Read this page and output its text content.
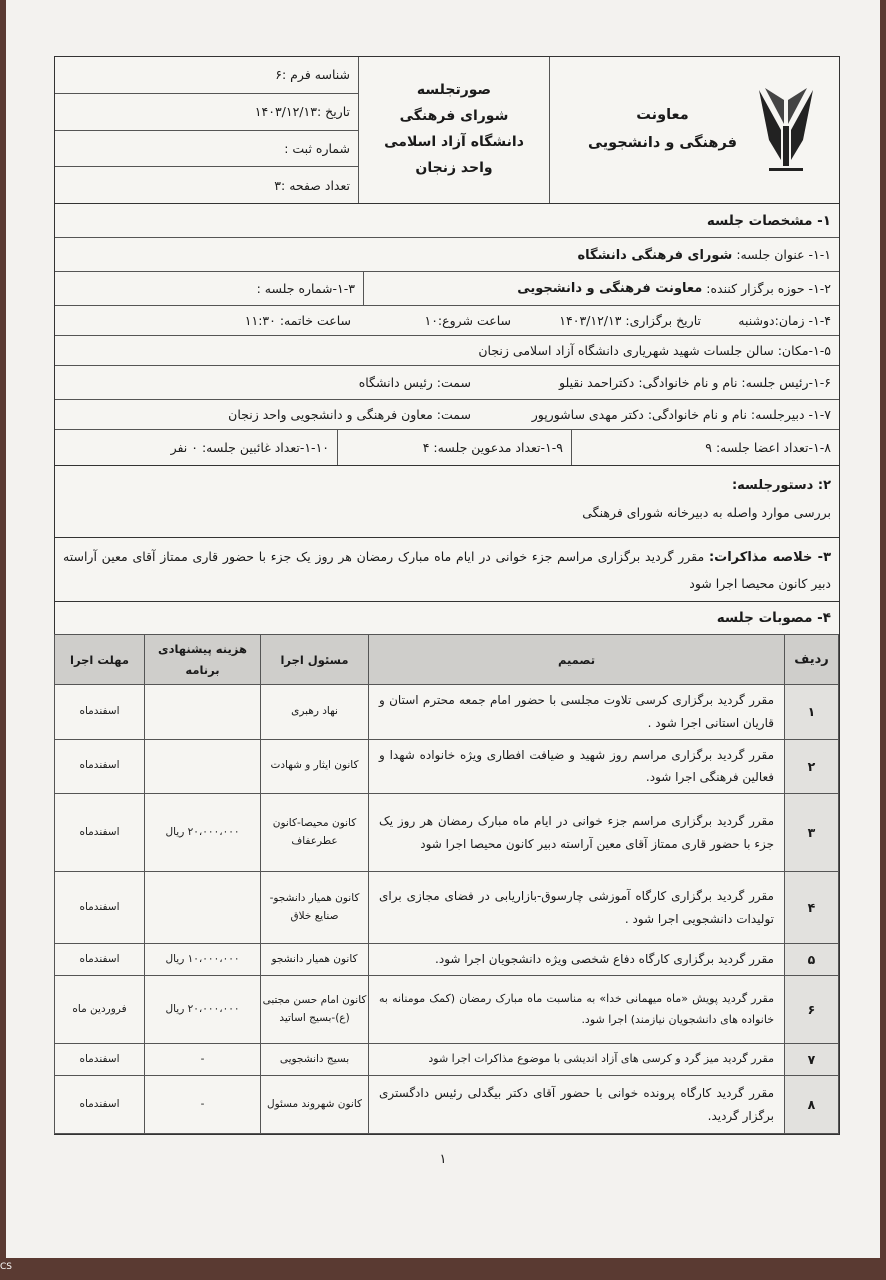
معاونت
فرهنگی و دانشجویی
صورتجلسه
شورای فرهنگی
دانشگاه آزاد اسلامی
واحد زنجان
شناسه فرم :۶
تاریخ :۱۴۰۳/۱۲/۱۳
شماره ثبت :
تعداد صفحه :۳
۱- مشخصات جلسه
۱-۱- عنوان جلسه: شورای فرهنگی دانشگاه
۱-۲- حوزه برگزار کننده:

معاونت فرهنگی و دانشجویی
۱-۳-شماره جلسه :
۱-۴- زمان:دوشنبه
تاریخ برگزاری: ۱۴۰۳/۱۲/۱۳
ساعت شروع:۱۰
ساعت خاتمه: ۱۱:۳۰
۱-۵-مکان: سالن جلسات شهید شهریاری دانشگاه آزاد اسلامی زنجان
۱-۶-رئیس جلسه: نام و نام خانوادگی: دکتراحمد نقیلو
سمت: رئیس دانشگاه
۱-۷- دبیرجلسه: نام و نام خانوادگی: دکتر مهدی ساشورپور
سمت: معاون فرهنگی و دانشجویی واحد زنجان
۱-۸-تعداد اعضا جلسه: ۹
۱-۹-تعداد مدعوین جلسه: ۴
۱-۱۰-تعداد غائبین جلسه: ۰ نفر
۲: دستورجلسه:
بررسی موارد واصله به دبیرخانه شورای فرهنگی
۳- خلاصه مذاکرات: مقرر گردید برگزاری مراسم جزء خوانی در ایام ماه مبارک رمضان هر روز یک جزء با حضور قاری ممتاز آقای معین آراسته دبیر کانون محیصا اجرا شود
۴- مصوبات جلسه
ردیف	تصمیم	مسئول اجرا	هزینه پیشنهادی برنامه	مهلت اجرا
۱	مقرر گردید برگزاری کرسی تلاوت مجلسی با حضور امام جمعه محترم استان و قاریان استانی اجرا شود .	نهاد رهبری		اسفندماه
۲	مقرر گردید برگزاری مراسم روز شهید و ضیافت افطاری ویژه خانواده شهدا و فعالین فرهنگی اجرا شود.	کانون ایثار و شهادت		اسفندماه
۳	مقرر گردید برگزاری مراسم جزء خوانی در ایام ماه مبارک رمضان هر روز یک جزء با حضور قاری ممتاز آقای معین آراسته دبیر کانون محیصا اجرا شود	کانون محیصا-کانون عطرعفاف	۲۰،۰۰۰،۰۰۰ ریال	اسفندماه
۴	مقرر گردید برگزاری کارگاه آموزشی چارسوق-بازاریابی در فضای مجازی برای تولیدات دانشجویی اجرا شود .	کانون همیار دانشجو- صنایع خلاق		اسفندماه
۵	مقرر گردید برگزاری کارگاه دفاع شخصی ویژه دانشجویان اجرا شود.	کانون همیار دانشجو	۱۰،۰۰۰،۰۰۰ ریال	اسفندماه
۶	مقرر گردید پویش «ماه میهمانی خدا» به مناسبت ماه مبارک رمضان (کمک مومنانه به خانواده های دانشجویان نیازمند) اجرا شود.	کانون امام حسن مجتبی (ع)-بسیج اساتید	۲۰،۰۰۰،۰۰۰ ریال	فروردین ماه
۷	مقرر گردید میز گرد و کرسی های آزاد اندیشی با موضوع مذاکرات اجرا شود	بسیج دانشجویی	-	اسفندماه
۸	مقرر گردید کارگاه پرونده خوانی با حضور آقای دکتر بیگدلی رئیس دادگستری برگزار گردید.	کانون شهروند مسئول	-	اسفندماه
۱
CS
